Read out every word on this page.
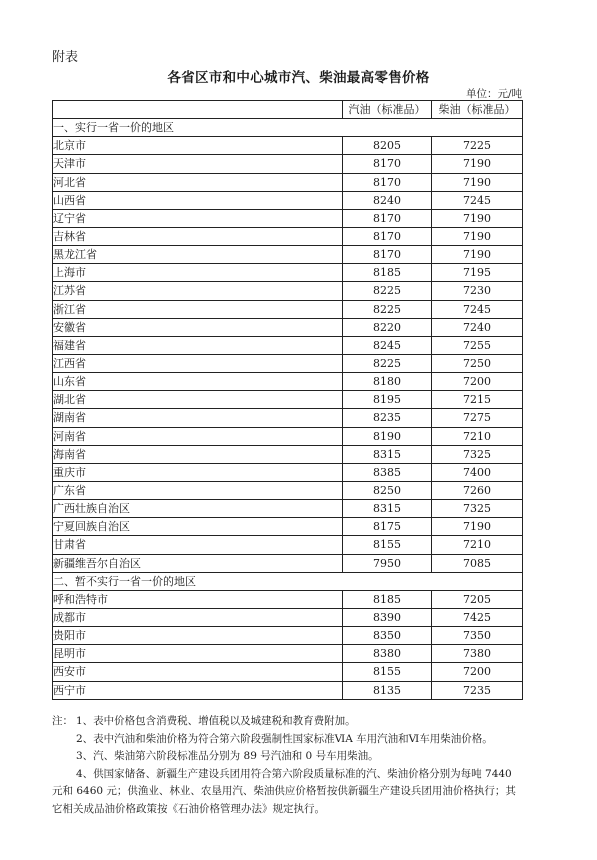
附表
各省区市和中心城市汽、柴油最高零售价格
单位：元/吨
	汽油（标准品）	柴油（标准品）
一、实行一省一价的地区		
北京市	8205	7225
天津市	8170	7190
河北省	8170	7190
山西省	8240	7245
辽宁省	8170	7190
吉林省	8170	7190
黑龙江省	8170	7190
上海市	8185	7195
江苏省	8225	7230
浙江省	8225	7245
安徽省	8220	7240
福建省	8245	7255
江西省	8225	7250
山东省	8180	7200
湖北省	8195	7215
湖南省	8235	7275
河南省	8190	7210
海南省	8315	7325
重庆市	8385	7400
广东省	8250	7260
广西壮族自治区	8315	7325
宁夏回族自治区	8175	7190
甘肃省	8155	7210
新疆维吾尔自治区	7950	7085
二、暂不实行一省一价的地区		
呼和浩特市	8185	7205
成都市	8390	7425
贵阳市	8350	7350
昆明市	8380	7380
西安市	8155	7200
西宁市	8135	7235

注： 1、表中价格包含消费税、增值税以及城建税和教育费附加。

2、表中汽油和柴油价格为符合第六阶段强制性国家标准ⅥA 车用汽油和Ⅵ车用柴油价格。

3、汽、柴油第六阶段标准品分别为 89 号汽油和 0 号车用柴油。

4、供国家储备、新疆生产建设兵团用符合第六阶段质量标准的汽、柴油价格分别为每吨 7440 元和 6460 元；供渔业、林业、农垦用汽、柴油供应价格暂按供新疆生产建设兵团用油价格执行；其它相关成品油价格政策按《石油价格管理办法》规定执行。
